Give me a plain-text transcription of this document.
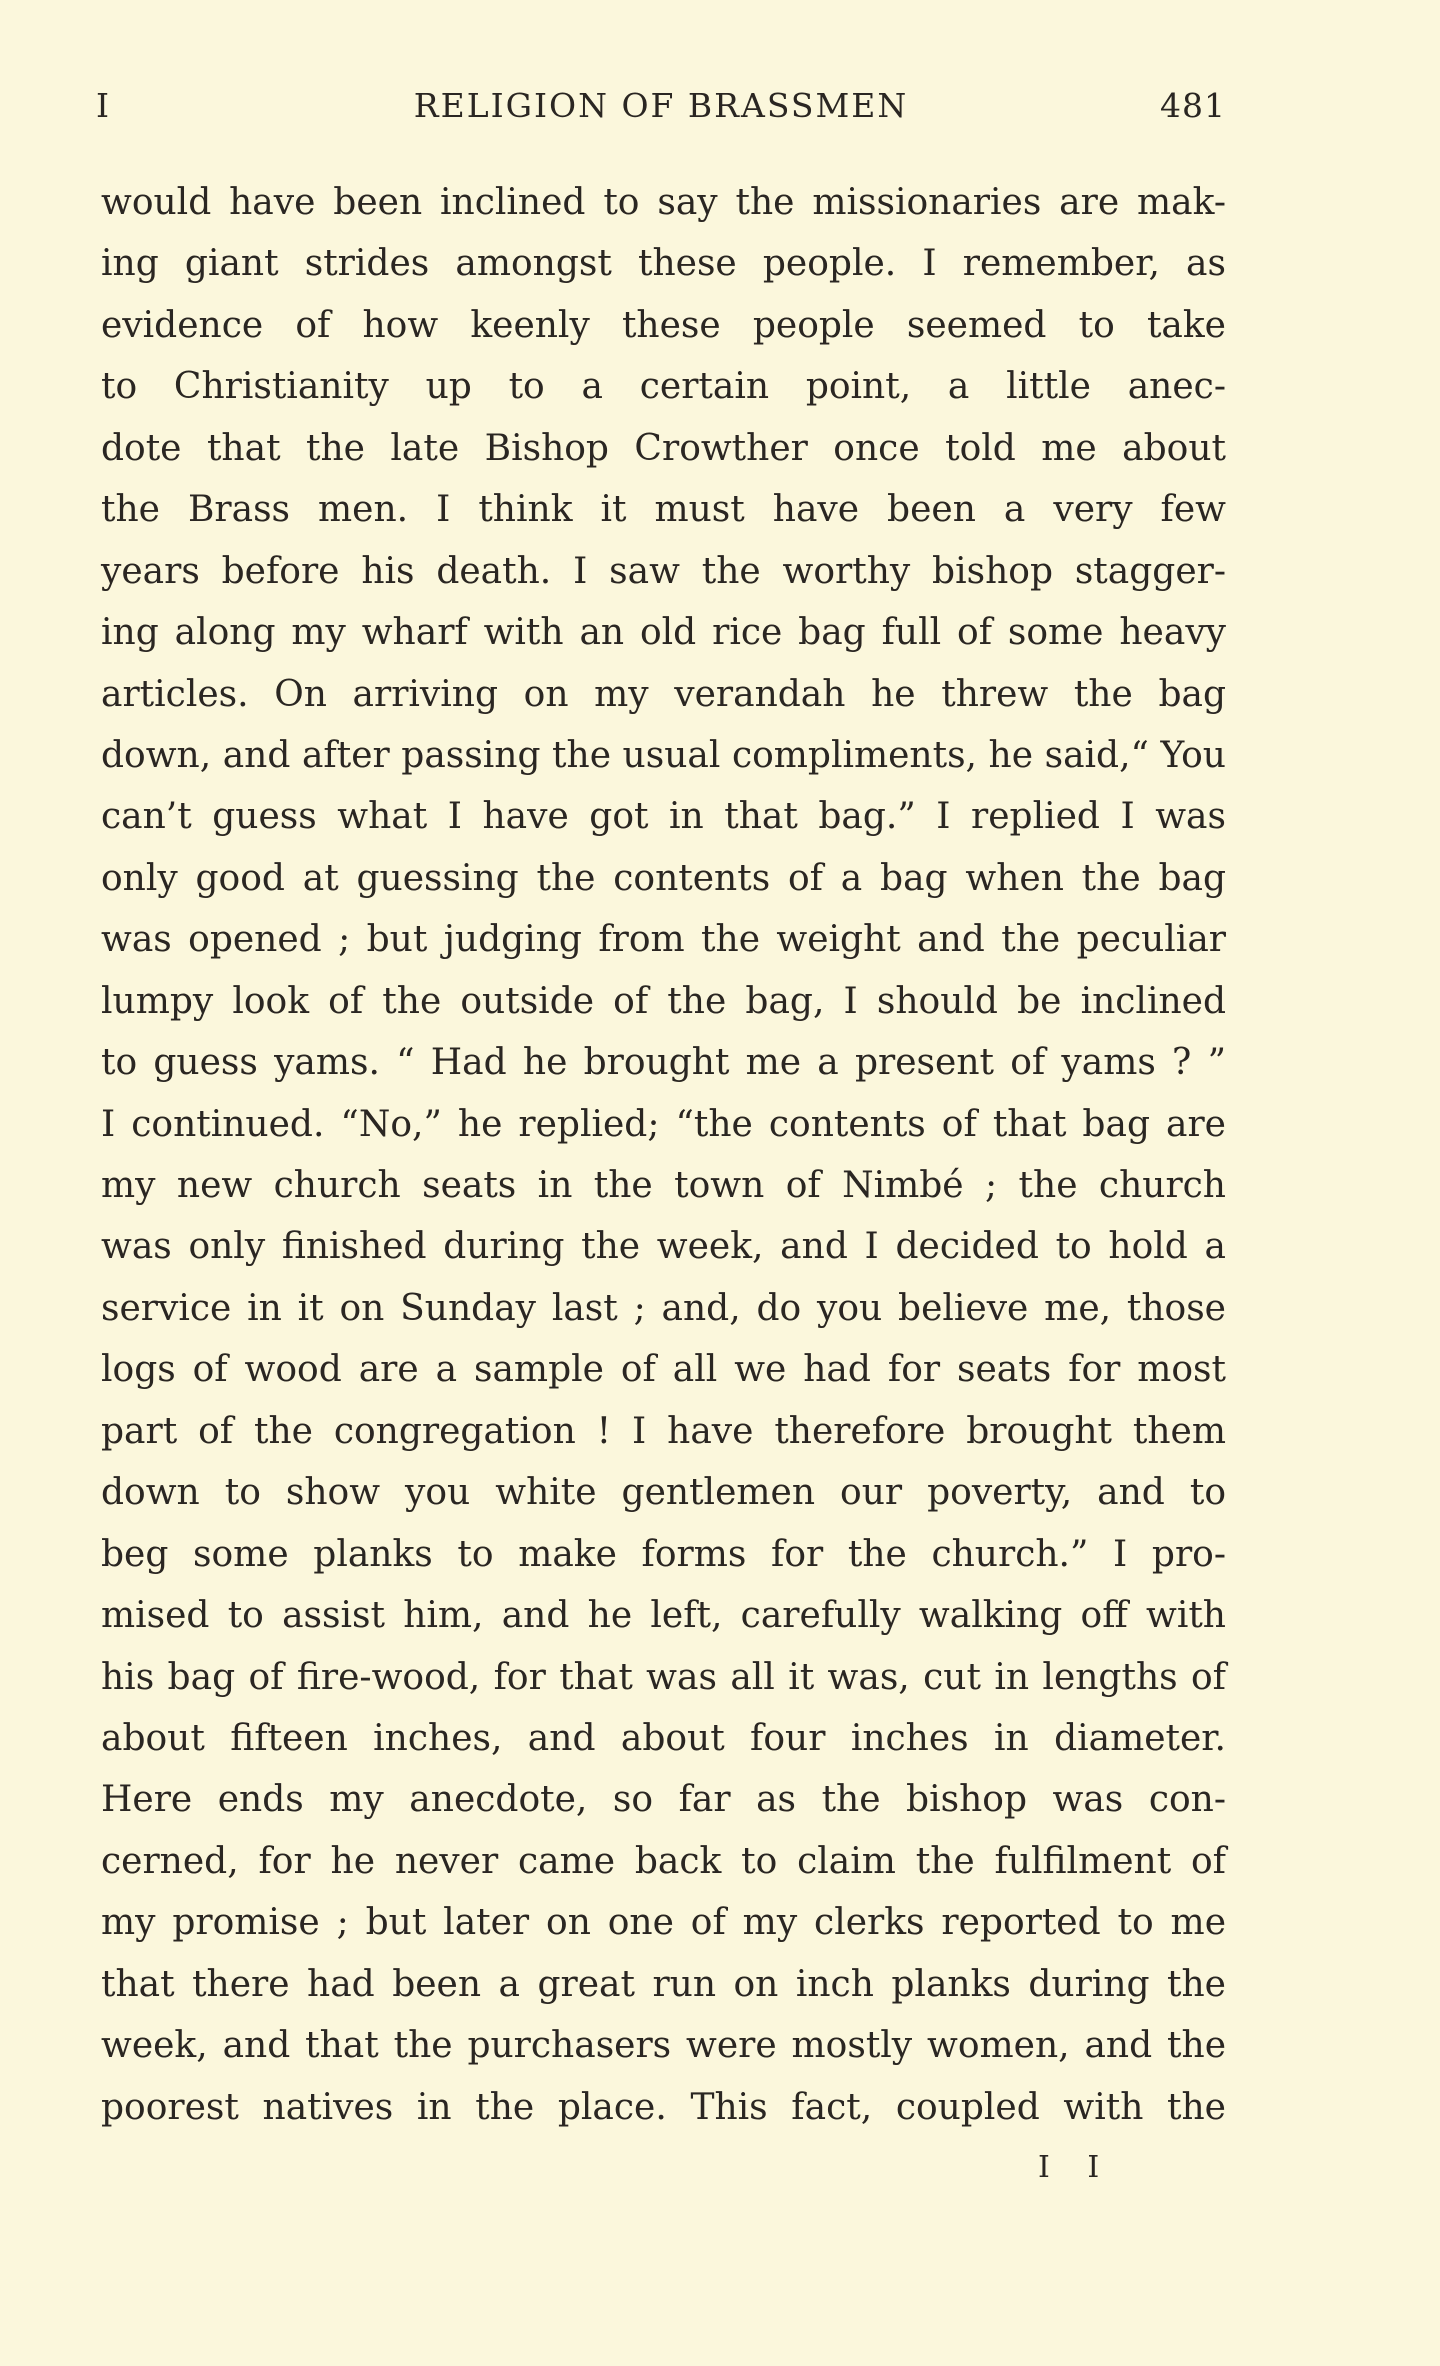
I	RELIGION OF BRASSMEN	481
would have been inclined to say the missionaries are mak-
ing giant strides amongst these people. I remember, as
evidence of how keenly these people seemed to take
to Christianity up to a certain point, a little anec-
dote that the late Bishop Crowther once told me about
the Brass men. I think it must have been a very few
years before his death. I saw the worthy bishop stagger-
ing along my wharf with an old rice bag full of some heavy
articles. On arriving on my verandah he threw the bag
down, and after passing the usual compliments, he said,“ You
can’t guess what I have got in that bag.” I replied I was
only good at guessing the contents of a bag when the bag
was opened ; but judging from the weight and the peculiar
lumpy look of the outside of the bag, I should be inclined
to guess yams. “ Had he brought me a present of yams ? ”
I continued. “No,” he replied; “the contents of that bag are
my new church seats in the town of Nimbé ; the church
was only finished during the week, and I decided to hold a
service in it on Sunday last ; and, do you believe me, those
logs of wood are a sample of all we had for seats for most
part of the congregation ! I have therefore brought them
down to show you white gentlemen our poverty, and to
beg some planks to make forms for the church.” I pro-
mised to assist him, and he left, carefully walking off with
his bag of fire-wood, for that was all it was, cut in lengths of
about fifteen inches, and about four inches in diameter.
Here ends my anecdote, so far as the bishop was con-
cerned, for he never came back to claim the fulfilment of
my promise ; but later on one of my clerks reported to me
that there had been a great run on inch planks during the
week, and that the purchasers were mostly women, and the
poorest natives in the place. This fact, coupled with the
I I
